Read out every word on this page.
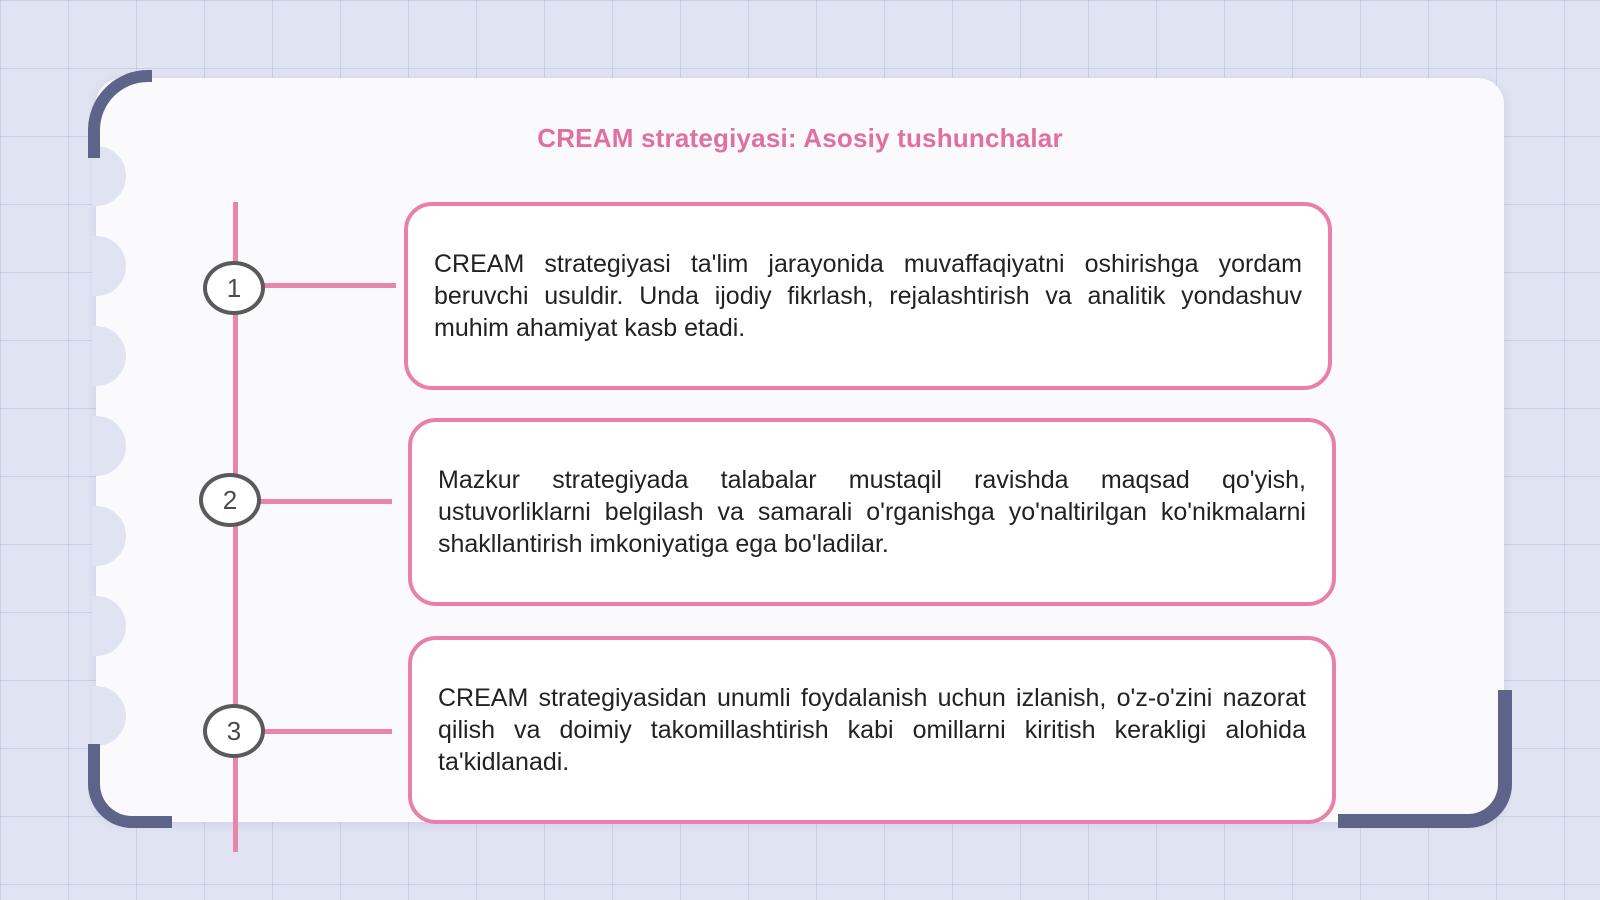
CREAM strategiyasi: Asosiy tushunchalar
1
2
3

CREAM strategiyasi ta'lim jarayonida muvaffaqiyatni oshirishga yordam beruvchi usuldir. Unda ijodiy fikrlash, rejalashtirish va analitik yondashuv muhim ahamiyat kasb etadi.

Mazkur strategiyada talabalar mustaqil ravishda maqsad qo'yish, ustuvorliklarni belgilash va samarali o'rganishga yo'naltirilgan ko'nikmalarni shakllantirish imkoniyatiga ega bo'ladilar.

CREAM strategiyasidan unumli foydalanish uchun izlanish, o'z-o'zini nazorat qilish va doimiy takomillashtirish kabi omillarni kiritish kerakligi alohida ta'kidlanadi.
